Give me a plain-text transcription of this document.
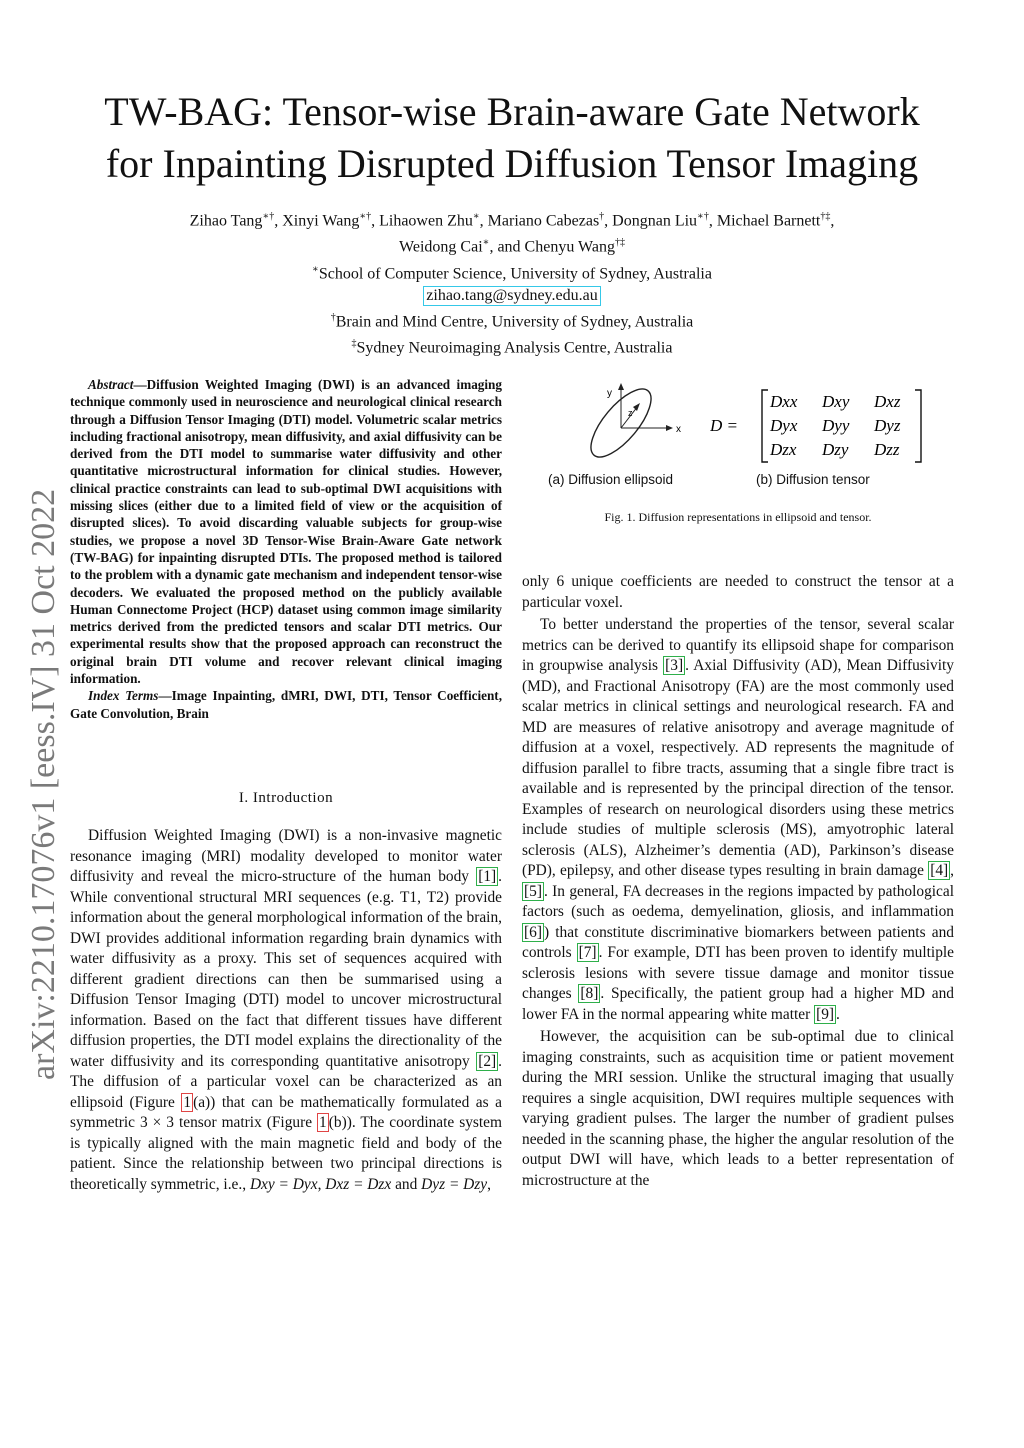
arXiv:2210.17076v1 [eess.IV] 31 Oct 2022
TW-BAG: Tensor-wise Brain-aware Gate Network
for Inpainting Disrupted Diffusion Tensor Imaging
Zihao Tang∗†, Xinyi Wang∗†, Lihaowen Zhu∗, Mariano Cabezas†, Dongnan Liu∗†, Michael Barnett†‡,
Weidong Cai∗, and Chenyu Wang†‡
∗School of Computer Science, University of Sydney, Australia
zihao.tang@sydney.edu.au
†Brain and Mind Centre, University of Sydney, Australia
‡Sydney Neuroimaging Analysis Centre, Australia

Abstract—Diffusion Weighted Imaging (DWI) is an advanced imaging technique commonly used in neuroscience and neurological clinical research through a Diffusion Tensor Imaging (DTI) model. Volumetric scalar metrics including fractional anisotropy, mean diffusivity, and axial diffusivity can be derived from the DTI model to summarise water diffusivity and other quantitative microstructural information for clinical studies. However, clinical practice constraints can lead to sub-optimal DWI acquisitions with missing slices (either due to a limited field of view or the acquisition of disrupted slices). To avoid discarding valuable subjects for group-wise studies, we propose a novel 3D Tensor-Wise Brain-Aware Gate network (TW-BAG) for inpainting disrupted DTIs. The proposed method is tailored to the problem with a dynamic gate mechanism and independent tensor-wise decoders. We evaluated the proposed method on the publicly available Human Connectome Project (HCP) dataset using common image similarity metrics derived from the predicted tensors and scalar DTI metrics. Our experimental results show that the proposed approach can reconstruct the original brain DTI volume and recover relevant clinical imaging information.

Index Terms—Image Inpainting, dMRI, DWI, DTI, Tensor Coefficient, Gate Convolution, Brain

I. Introduction

Diffusion Weighted Imaging (DWI) is a non-invasive magnetic resonance imaging (MRI) modality developed to monitor water diffusivity and reveal the micro-structure of the human body [1] . While conventional structural MRI sequences (e.g. T1, T2) provide information about the general morphological information of the brain, DWI provides additional information regarding brain dynamics with water diffusivity as a proxy. This set of sequences acquired with different gradient directions can then be summarised using a Diffusion Tensor Imaging (DTI) model to uncover microstructural information. Based on the fact that different tissues have different diffusion properties, the DTI model explains the directionality of the water diffusivity and its corresponding quantitative anisotropy [2] . The diffusion of a particular voxel can be characterized as an ellipsoid (Figure 1 (a)) that can be mathematically formulated as a symmetric 3 × 3 tensor matrix (Figure 1 (b)). The coordinate system is typically aligned with the main magnetic field and body of the patient. Since the relationship between two principal directions is theoretically symmetric, i.e., Dxy = Dyx, Dxz = Dzx and Dyz = Dzy,

y
x
z
D =
Dxx Dxy Dxz
Dyx Dyy Dyz
Dzx Dzy Dzz
(a) Diffusion ellipsoid	(b) Diffusion tensor
Fig. 1. Diffusion representations in ellipsoid and tensor.

only 6 unique coefficients are needed to construct the tensor at a particular voxel.

To better understand the properties of the tensor, several scalar metrics can be derived to quantify its ellipsoid shape for comparison in groupwise analysis [3] . Axial Diffusivity (AD), Mean Diffusivity (MD), and Fractional Anisotropy (FA) are the most commonly used scalar metrics in clinical settings and neurological research. FA and MD are measures of relative anisotropy and average magnitude of diffusion at a voxel, respectively. AD represents the magnitude of diffusion parallel to fibre tracts, assuming that a single fibre tract is available and is represented by the principal direction of the tensor. Examples of research on neurological disorders using these metrics include studies of multiple sclerosis (MS), amyotrophic lateral sclerosis (ALS), Alzheimer’s dementia (AD), Parkinson’s disease (PD), epilepsy, and other disease types resulting in brain damage [4] , [5] . In general, FA decreases in the regions impacted by pathological factors (such as oedema, demyelination, gliosis, and inflammation [6] ) that constitute discriminative biomarkers between patients and controls [7] . For example, DTI has been proven to identify multiple sclerosis lesions with severe tissue damage and monitor tissue changes [8] . Specifically, the patient group had a higher MD and lower FA in the normal appearing white matter [9] .

However, the acquisition can be sub-optimal due to clinical imaging constraints, such as acquisition time or patient movement during the MRI session. Unlike the structural imaging that usually requires a single acquisition, DWI requires multiple sequences with varying gradient pulses. The larger the number of gradient pulses needed in the scanning phase, the higher the angular resolution of the output DWI will have, which leads to a better representation of microstructure at the
